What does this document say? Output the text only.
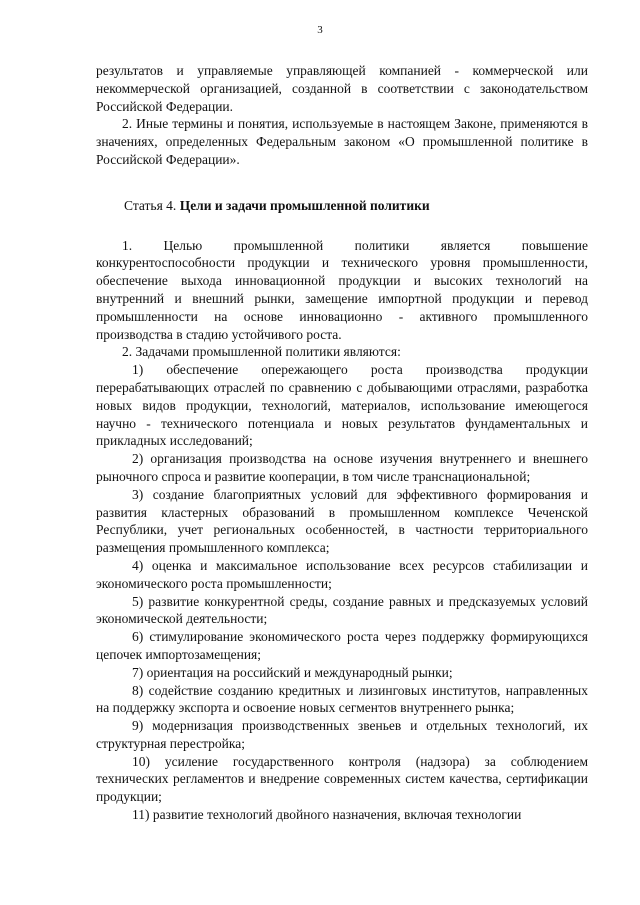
3

результатов и управляемые управляющей компанией - коммерческой или некоммерческой организацией, созданной в соответствии с законодательством Российской Федерации.

2. Иные термины и понятия, используемые в настоящем Законе, применяются в значениях, определенных Федеральным законом «О промышленной политике в Российской Федерации».

Статья 4. Цели и задачи промышленной политики

1. Целью промышленной политики является повышение конкурентоспособности продукции и технического уровня промышленности, обеспечение выхода инновационной продукции и высоких технологий на внутренний и внешний рынки, замещение импортной продукции и перевод промышленности на основе инновационно - активного промышленного производства в стадию устойчивого роста.

2. Задачами промышленной политики являются:

1) обеспечение опережающего роста производства продукции перерабатывающих отраслей по сравнению с добывающими отраслями, разработка новых видов продукции, технологий, материалов, использование имеющегося научно - технического потенциала и новых результатов фундаментальных и прикладных исследований;

2) организация производства на основе изучения внутреннего и внешнего рыночного спроса и развитие кооперации, в том числе транснациональной;

3) создание благоприятных условий для эффективного формирования и развития кластерных образований в промышленном комплексе Чеченской Республики, учет региональных особенностей, в частности территориального размещения промышленного комплекса;

4) оценка и максимальное использование всех ресурсов стабилизации и экономического роста промышленности;

5) развитие конкурентной среды, создание равных и предсказуемых условий экономической деятельности;

6) стимулирование экономического роста через поддержку формирующихся цепочек импортозамещения;

7) ориентация на российский и международный рынки;

8) содействие созданию кредитных и лизинговых институтов, направленных на поддержку экспорта и освоение новых сегментов внутреннего рынка;

9) модернизация производственных звеньев и отдельных технологий, их структурная перестройка;

10) усиление государственного контроля (надзора) за соблюдением технических регламентов и внедрение современных систем качества, сертификации продукции;

11) развитие технологий двойного назначения, включая технологии
